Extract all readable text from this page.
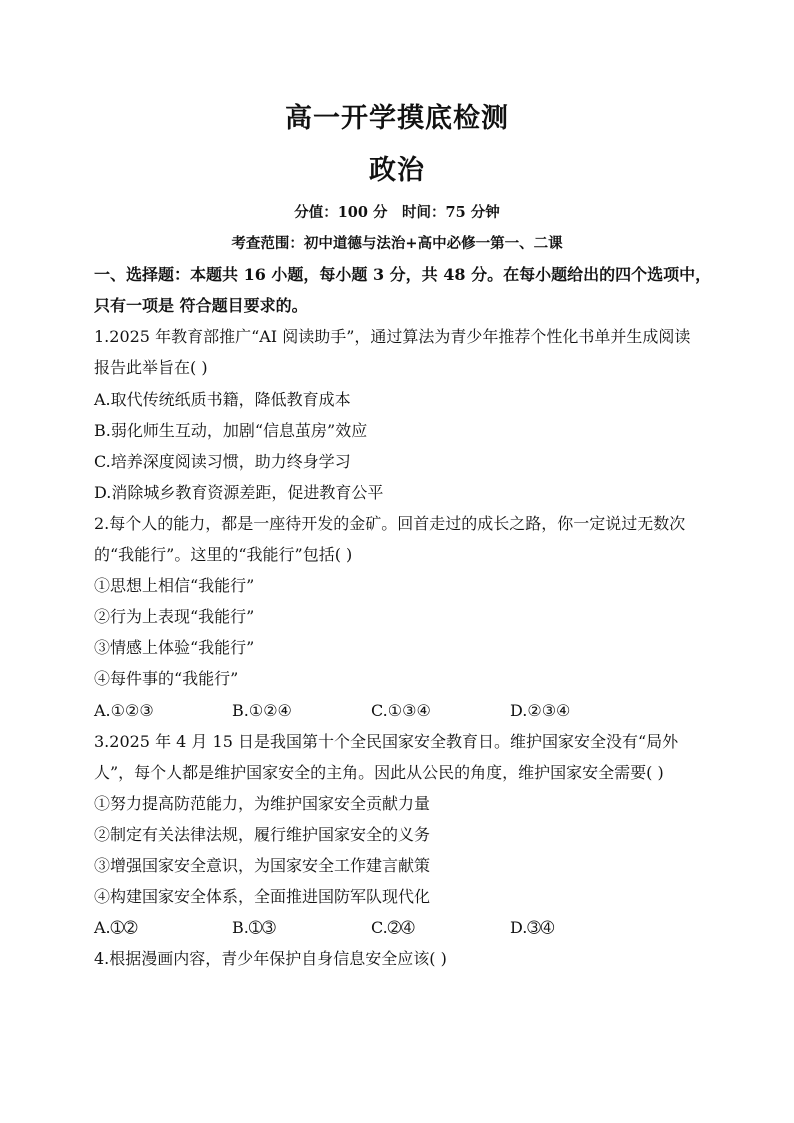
高一开学摸底检测
政治
分值：100 分　时间：75 分钟
考查范围：初中道德与法治+高中必修一第一、二课
一、选择题：本题共 16 小题，每小题 3 分，共 48 分。在每小题给出的四个选项中，
只有一项是 符合题目要求的。
1.2025 年教育部推广“AI 阅读助手”，通过算法为青少年推荐个性化书单并生成阅读
报告此举旨在( )
A.取代传统纸质书籍，降低教育成本
B.弱化师生互动，加剧“信息茧房”效应
C.培养深度阅读习惯，助力终身学习
D.消除城乡教育资源差距，促进教育公平
2.每个人的能力，都是一座待开发的金矿。回首走过的成长之路，你一定说过无数次
的“我能行”。这里的“我能行”包括( )
①思想上相信“我能行”
②行为上表现“我能行”
③情感上体验“我能行”
④每件事的“我能行”
A.①②③	B.①②④	C.①③④	D.②③④
3.2025 年 4 月 15 日是我国第十个全民国家安全教育日。维护国家安全没有“局外
人”，每个人都是维护国家安全的主角。因此从公民的角度，维护国家安全需要( )
➀努力提高防范能力，为维护国家安全贡献力量
➁制定有关法律法规，履行维护国家安全的义务
➂增强国家安全意识，为国家安全工作建言献策
➃构建国家安全体系，全面推进国防军队现代化
A.➀➁	B.➀➂	C.➁➃	D.➂➃
4.根据漫画内容，青少年保护自身信息安全应该( )
